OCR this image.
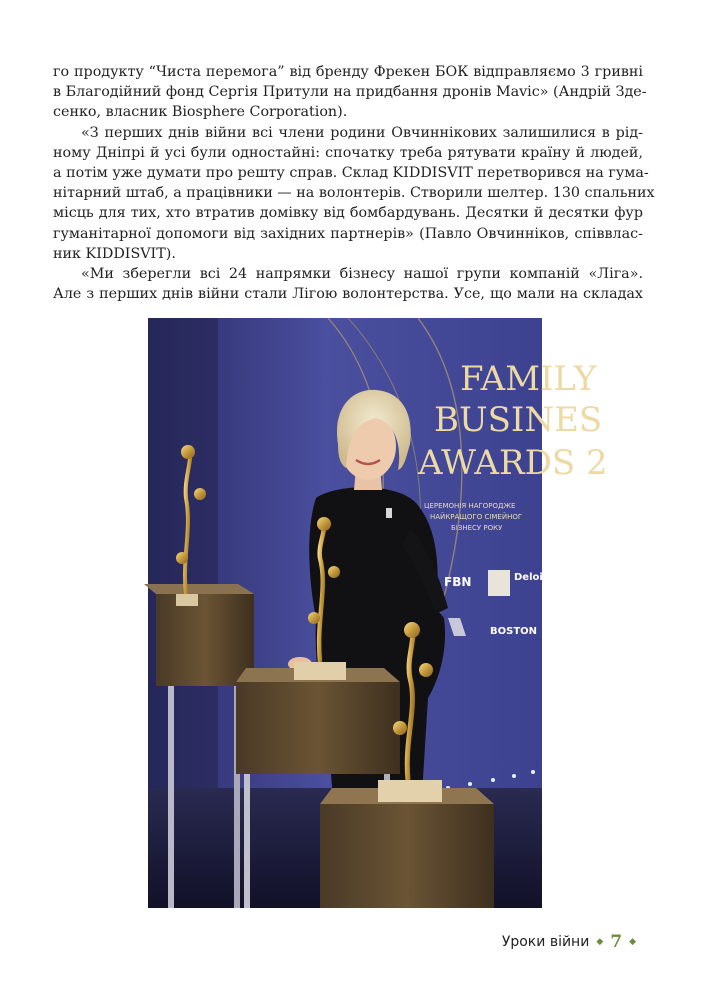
го продукту “Чиста перемога” від бренду Фрекен БОК відправляємо 3 гривні
в Благодійний фонд Сергія Притули на придбання дронів Mavic» (Андрій Зде-
сенко, власник Biosphere Corporation).

«З перших днів війни всі члени родини Овчиннікових залишилися в рід-
ному Дніпрі й усі були одностайні: спочатку треба рятувати країну й людей,
а потім уже думати про решту справ. Склад KIDDISVIT перетворився на гума-
нітарний штаб, а працівники — на волонтерів. Створили шелтер. 130 спальних
місць для тих, хто втратив домівку від бомбардувань. Десятки й десятки фур
гуманітарної допомоги від західних партнерів» (Павло Овчинніков, співвлас-
ник KIDDISVIT).

«Ми зберегли всі 24 напрямки бізнесу нашої групи компаній «Ліга».
Але з перших днів війни стали Лігою волонтерства. Усе, що мали на складах

FAMILY
BUSINES
AWARDS 2
ЦЕРЕМОНІЯ НАГОРОДЖЕ
НАЙКРАЩОГО СІМЕЙНОГ
БІЗНЕСУ РОКУ
FBN	Deloi
BOSTON
Уроки війни ◆ 7 ◆
